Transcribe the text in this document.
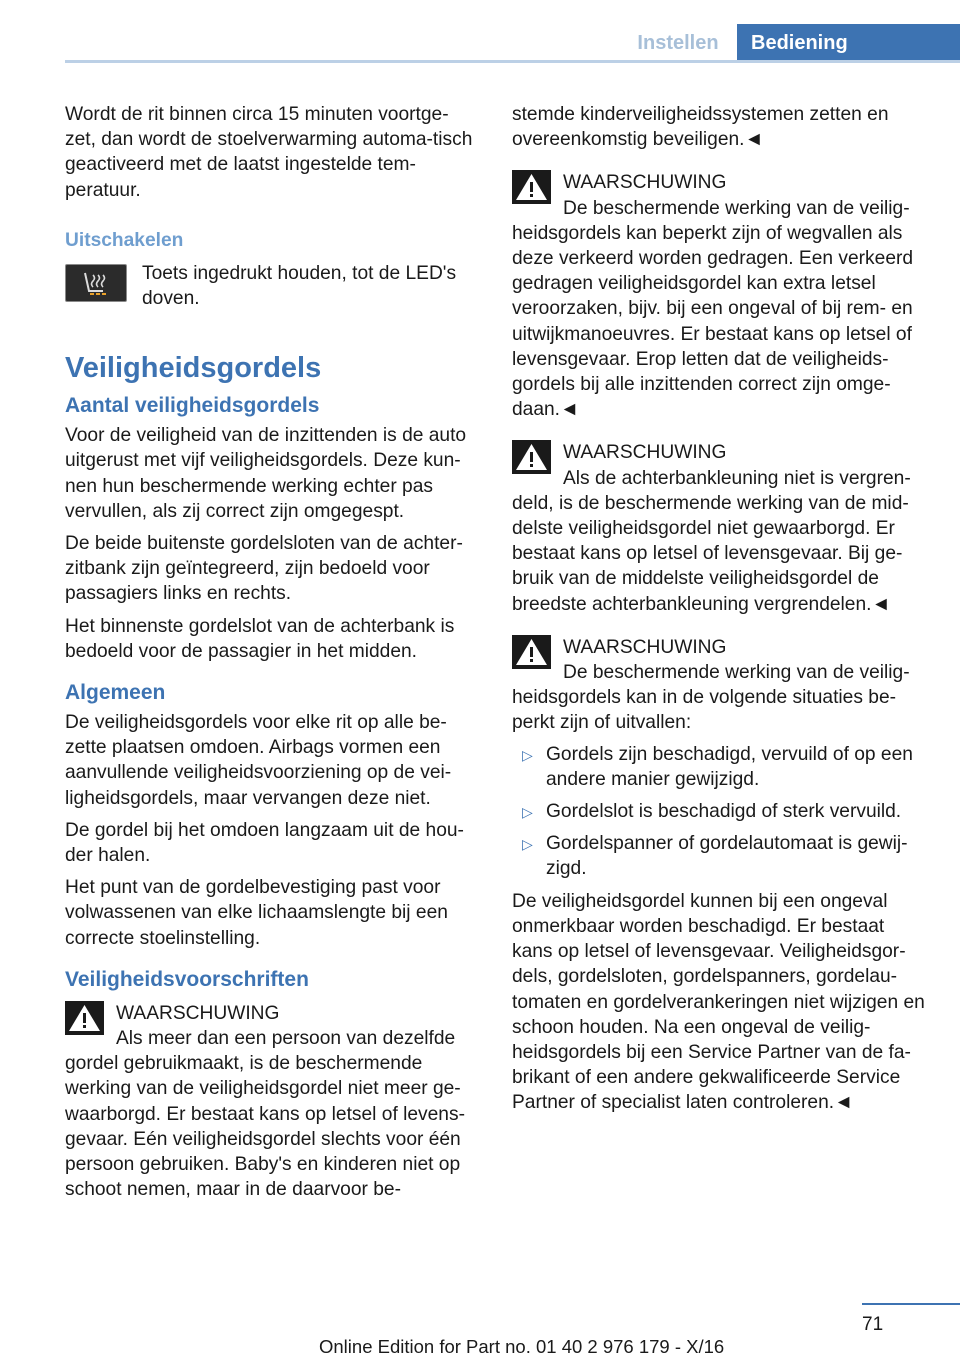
Instellen	Bediening

Wordt de rit binnen circa 15 minuten voortge-zet, dan wordt de stoelverwarming automa-tisch geactiveerd met de laatst ingestelde tem-peratuur.

Uitschakelen

Toets ingedrukt houden, tot de LED's doven.

Veiligheidsgordels
Aantal veiligheidsgordels

Voor de veiligheid van de inzittenden is de auto uitgerust met vijf veiligheidsgordels. Deze kun-nen hun beschermende werking echter pas vervullen, als zij correct zijn omgegespt.

De beide buitenste gordelsloten van de achter-zitbank zijn geïntegreerd, zijn bedoeld voor passagiers links en rechts.

Het binnenste gordelslot van de achterbank is bedoeld voor de passagier in het midden.

Algemeen

De veiligheidsgordels voor elke rit op alle be-zette plaatsen omdoen. Airbags vormen een aanvullende veiligheidsvoorziening op de vei-ligheidsgordels, maar vervangen deze niet.

De gordel bij het omdoen langzaam uit de hou-der halen.

Het punt van de gordelbevestiging past voor volwassenen van elke lichaamslengte bij een correcte stoelinstelling.

Veiligheidsvoorschriften
WAARSCHUWING
Als meer dan een persoon van dezelfde

gordel gebruikmaakt, is de beschermende werking van de veiligheidsgordel niet meer ge-waarborgd. Er bestaat kans op letsel of levens-gevaar. Eén veiligheidsgordel slechts voor één persoon gebruiken. Baby's en kinderen niet op schoot nemen, maar in de daarvoor be-

stemde kinderveiligheidssystemen zetten en overeenkomstig beveiligen.◄

WAARSCHUWING
De beschermende werking van de veilig-

heidsgordels kan beperkt zijn of wegvallen als deze verkeerd worden gedragen. Een verkeerd gedragen veiligheidsgordel kan extra letsel veroorzaken, bijv. bij een ongeval of bij rem- en uitwijkmanoeuvres. Er bestaat kans op letsel of levensgevaar. Erop letten dat de veiligheids-gordels bij alle inzittenden correct zijn omge-daan.◄

WAARSCHUWING
Als de achterbankleuning niet is vergren-

deld, is de beschermende werking van de mid-delste veiligheidsgordel niet gewaarborgd. Er bestaat kans op letsel of levensgevaar. Bij ge-bruik van de middelste veiligheidsgordel de breedste achterbankleuning vergrendelen.◄

WAARSCHUWING
De beschermende werking van de veilig-

heidsgordels kan in de volgende situaties be-perkt zijn of uitvallen:

▷ Gordels zijn beschadigd, vervuild of op een andere manier gewijzigd.
▷ Gordelslot is beschadigd of sterk vervuild.
▷ Gordelspanner of gordelautomaat is gewij-zigd.

De veiligheidsgordel kunnen bij een ongeval onmerkbaar worden beschadigd. Er bestaat kans op letsel of levensgevaar. Veiligheidsgor-dels, gordelsloten, gordelspanners, gordelau-tomaten en gordelverankeringen niet wijzigen en schoon houden. Na een ongeval de veilig-heidsgordels bij een Service Partner van de fa-brikant of een andere gekwalificeerde Service Partner of specialist laten controleren.◄

71
Online Edition for Part no. 01 40 2 976 179 - X/16
